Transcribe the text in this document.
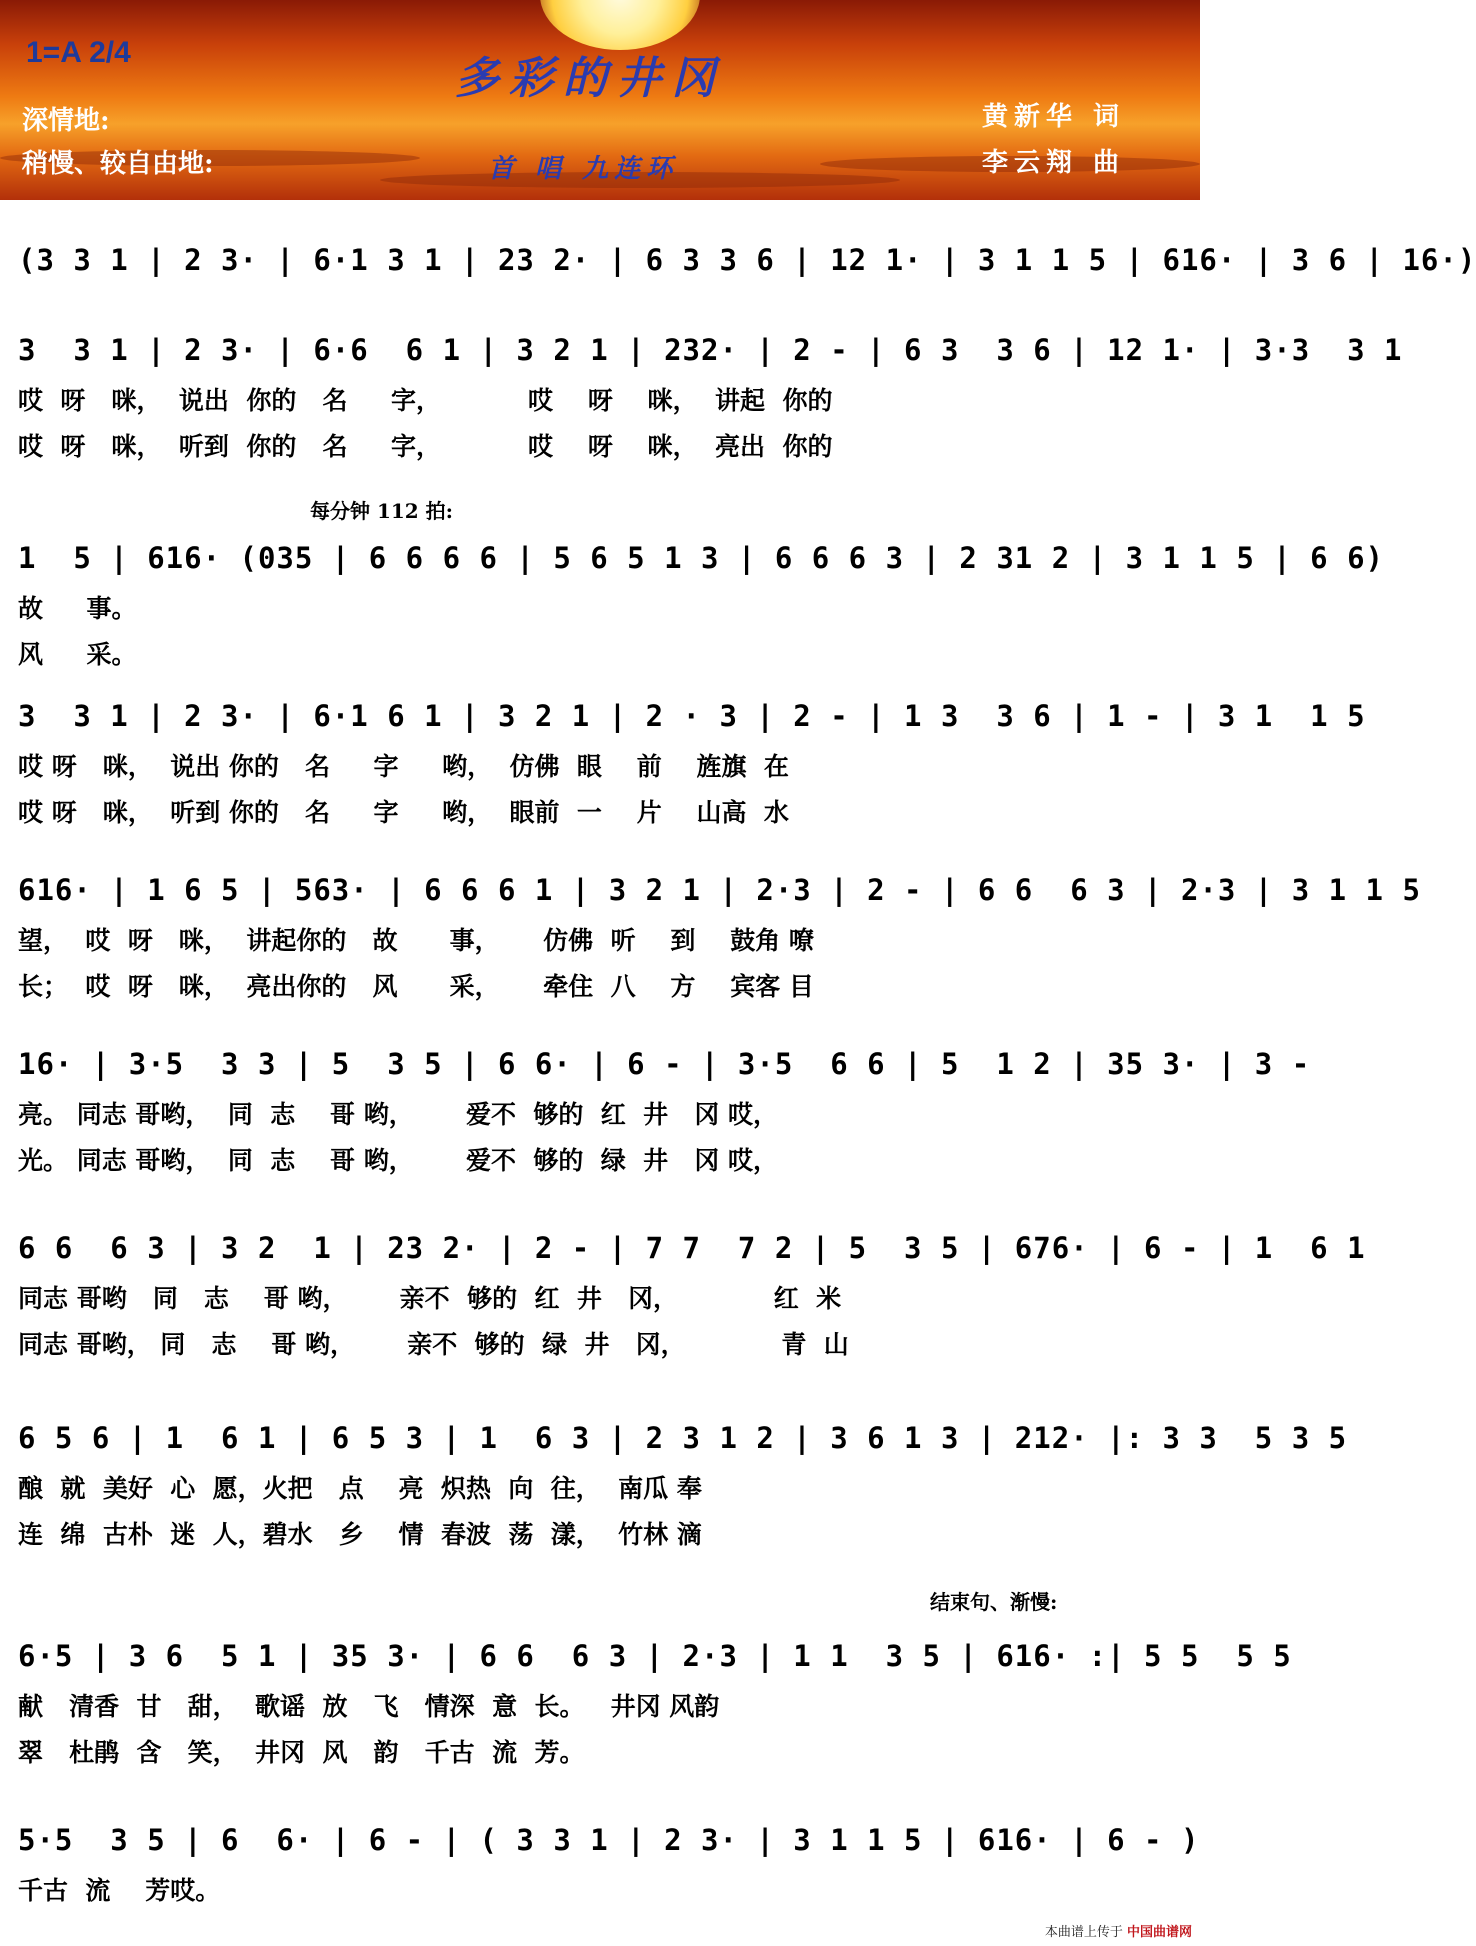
1=A 2/4
多彩的井冈
深情地:
稍慢、较自由地:	首 唱 九连环
黄新华 词
李云翔 曲
(3 3 1 | 2 3· | 6·1 3 1 | 23 2· | 6 3 3 6 | 12 1· | 3 1 1 5 | 616· | 3 6 | 16·)
3  3 1 | 2 3· | 6·6  6 1 | 3 2 1 | 232· | 2 - | 6 3  3 6 | 12 1· | 3·3  3 1
哎  呀   咪，  说出  你的   名     字，          哎    呀    咪，  讲起  你的
哎  呀   咪，  听到  你的   名     字，          哎    呀    咪，  亮出  你的
每分钟 112 拍:
1  5 | 616· (035 | 6 6 6 6 | 5 6 5 1 3 | 6 6 6 3 | 2 31 2 | 3 1 1 5 | 6 6)
故     事。
风     采。
3  3 1 | 2 3· | 6·1 6 1 | 3 2 1 | 2 · 3 | 2 - | 1 3  3 6 | 1 - | 3 1  1 5
哎 呀   咪，  说出 你的   名     字     哟，  仿佛  眼    前    旌旗  在
哎 呀   咪，  听到 你的   名     字     哟，  眼前  一    片    山高  水
616· | 1 6 5 | 563· | 6 6 6 1 | 3 2 1 | 2·3 | 2 - | 6 6  6 3 | 2·3 | 3 1 1 5
望，  哎  呀   咪，  讲起你的   故      事，     仿佛  听    到    鼓角 嘹
长；  哎  呀   咪，  亮出你的   风      采，     牵住  八    方    宾客 目
16· | 3·5  3 3 | 5  3 5 | 6 6· | 6 - | 3·5  6 6 | 5  1 2 | 35 3· | 3 -
亮。 同志 哥哟，  同  志    哥 哟，      爱不  够的  红  井   冈 哎，
光。 同志 哥哟，  同  志    哥 哟，      爱不  够的  绿  井   冈 哎，
6 6  6 3 | 3 2  1 | 23 2· | 2 - | 7 7  7 2 | 5  3 5 | 676· | 6 - | 1  6 1
同志 哥哟   同   志    哥 哟，      亲不  够的  红  井   冈，           红  米
同志 哥哟， 同   志    哥 哟，      亲不  够的  绿  井   冈，           青  山
6 5 6 | 1  6 1 | 6 5 3 | 1  6 3 | 2 3 1 2 | 3 6 1 3 | 212· |: 3 3  5 3 5
酿  就  美好  心  愿，火把   点    亮  炽热  向  往，  南瓜 奉
连  绵  古朴  迷  人，碧水   乡    情  春波  荡  漾，  竹林 滴
结束句、渐慢:
6·5 | 3 6  5 1 | 35 3· | 6 6  6 3 | 2·3 | 1 1  3 5 | 616· :| 5 5  5 5
献   清香  甘   甜，  歌谣  放   飞   情深  意  长。   井冈 风韵
翠   杜鹃  含   笑，  井冈  风   韵   千古  流  芳。
5·5  3 5 | 6  6· | 6 - | ( 3 3 1 | 2 3· | 3 1 1 5 | 616· | 6 - )
千古  流    芳哎。
本曲谱上传于 中国曲谱网
